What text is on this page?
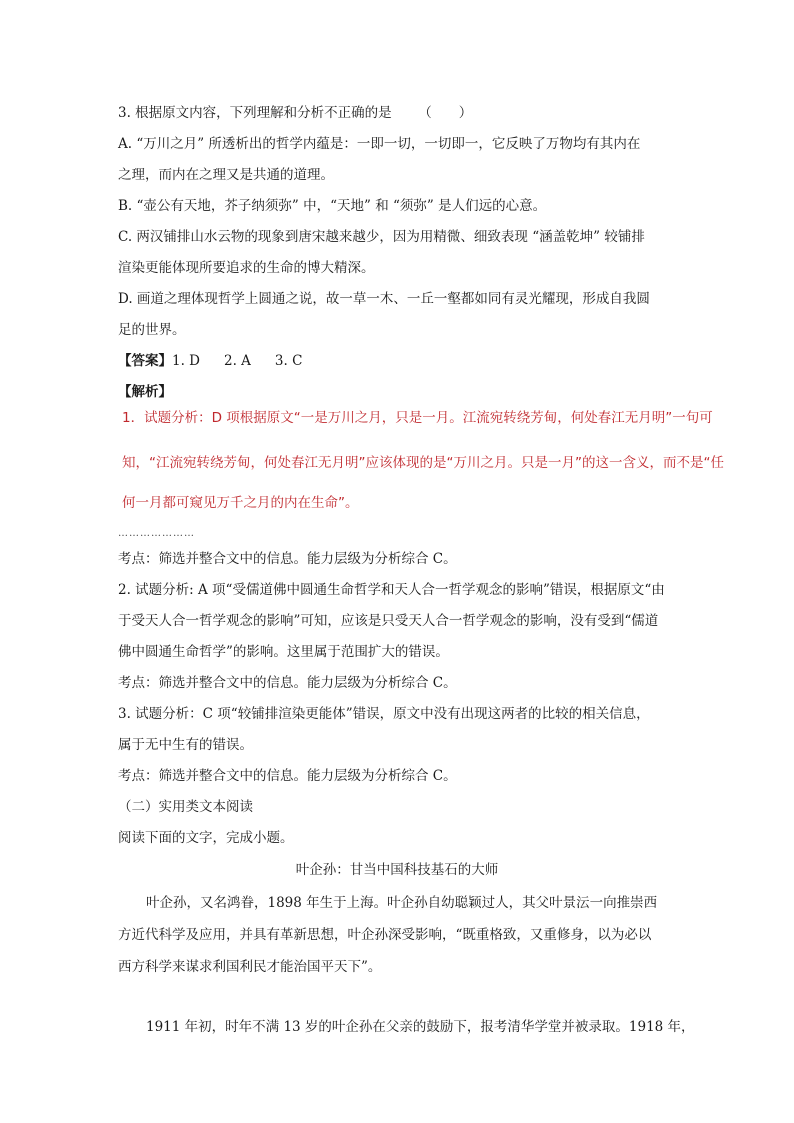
3. 根据原文内容，下列理解和分析不正确的是 （　　）
A. “万川之月” 所透析出的哲学内蕴是：一即一切，一切即一，它反映了万物均有其内在
之理，而内在之理又是共通的道理。
B. “壶公有天地，芥子纳须弥” 中，“天地” 和 “须弥” 是人们远的心意。
C. 两汉铺排山水云物的现象到唐宋越来越少，因为用精微、细致表现 “涵盖乾坤” 较铺排
渲染更能体现所要追求的生命的博大精深。
D. 画道之理体现哲学上圆通之说，故一草一木、一丘一壑都如同有灵光耀现，形成自我圆
足的世界。
【答案】1. D 2. A 3. C
【解析】
1．试题分析：D 项根据原文“一是万川之月，只是一月。江流宛转绕芳甸，何处春江无月明”一句可
知，“江流宛转绕芳甸，何处春江无月明”应该体现的是“万川之月。只是一月”的这一含义，而不是“任
何一月都可窥见万千之月的内在生命”。
…………………
考点：筛选并整合文中的信息。能力层级为分析综合 C。
2. 试题分析: A 项“受儒道佛中圆通生命哲学和天人合一哲学观念的影响”错误，根据原文“由
于受天人合一哲学观念的影响”可知，应该是只受天人合一哲学观念的影响，没有受到“儒道
佛中圆通生命哲学”的影响。这里属于范围扩大的错误。
考点：筛选并整合文中的信息。能力层级为分析综合 C。
3. 试题分析：C 项“较铺排渲染更能体”错误，原文中没有出现这两者的比较的相关信息，
属于无中生有的错误。
考点：筛选并整合文中的信息。能力层级为分析综合 C。
（二）实用类文本阅读
阅读下面的文字，完成小题。
叶企孙：甘当中国科技基石的大师
叶企孙，又名鸿眷，1898 年生于上海。叶企孙自幼聪颖过人，其父叶景沄一向推崇西
方近代科学及应用，并具有革新思想，叶企孙深受影响，“既重格致，又重修身，以为必以
西方科学来谋求利国利民才能治国平天下”。
1911 年初，时年不满 13 岁的叶企孙在父亲的鼓励下，报考清华学堂并被录取。1918 年，
